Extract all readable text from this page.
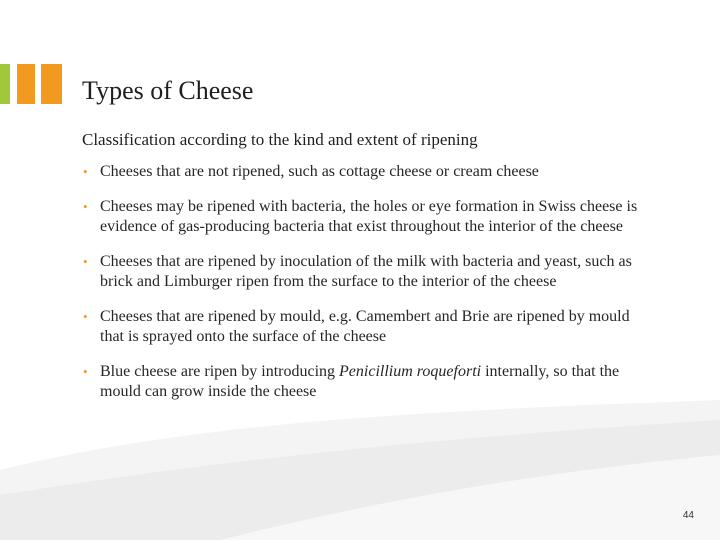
Types of Cheese
Classification according to the kind and extent of ripening
• Cheeses that are not ripened, such as cottage cheese or cream cheese
• Cheeses may be ripened with bacteria, the holes or eye formation in Swiss cheese is evidence of gas-producing bacteria that exist throughout the interior of the cheese
• Cheeses that are ripened by inoculation of the milk with bacteria and yeast, such as brick and Limburger ripen from the surface to the interior of the cheese
• Cheeses that are ripened by mould, e.g. Camembert and Brie are ripened by mould that is sprayed onto the surface of the cheese
• Blue cheese are ripen by introducing Penicillium roqueforti internally, so that the mould can grow inside the cheese
44
